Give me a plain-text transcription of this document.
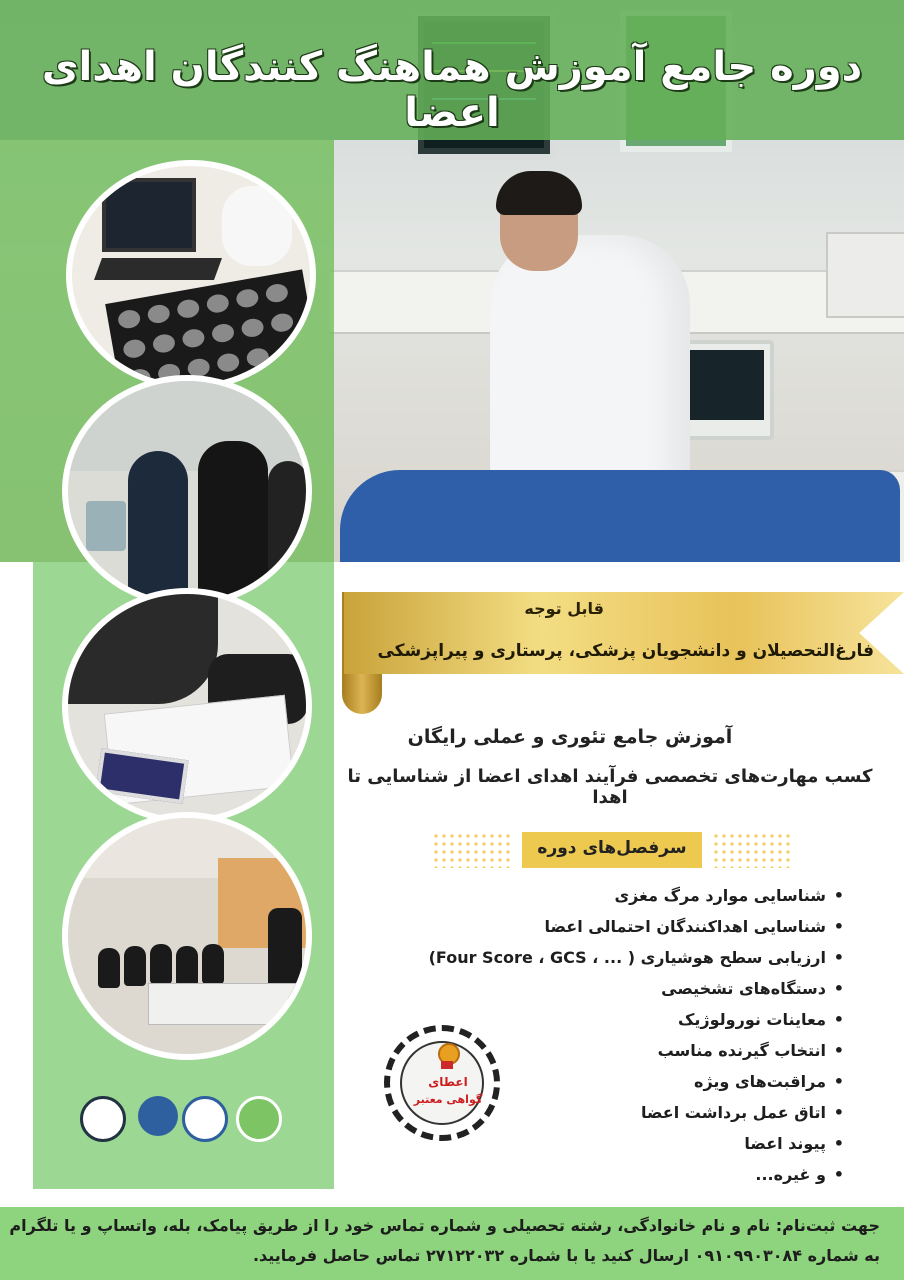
دوره جامع آموزش هماهنگ کنندگان اهدای اعضا
قابل توجه
فارغ‌التحصیلان و دانشجویان پزشکی، پرستاری و پیراپزشکی
آموزش جامع تئوری و عملی رایگان
کسب مهارت‌های تخصصی فرآیند اهدای اعضا از شناسایی تا اهدا
سرفصل‌های دوره
• شناسایی موارد مرگ مغزی
• شناسایی اهداکنندگان احتمالی اعضا
• ارزیابی سطح هوشیاری ( ... ، Four Score ، GCS)
• دستگاه‌های تشخیصی
• معاینات نورولوژیک
• انتخاب گیرنده مناسب
• مراقبت‌های ویژه
• اتاق عمل برداشت اعضا
• پیوند اعضا
• و غیره...
اعطای
گواهی معتبر
جهت ثبت‌نام: نام و نام خانوادگی، رشته تحصیلی و شماره تماس خود را از طریق پیامک، بله، واتساپ و یا تلگرام
به شماره ۰۹۱۰۹۹۰۳۰۸۴ ارسال کنید یا با شماره ۲۷۱۲۲۰۳۲ تماس حاصل فرمایید.
